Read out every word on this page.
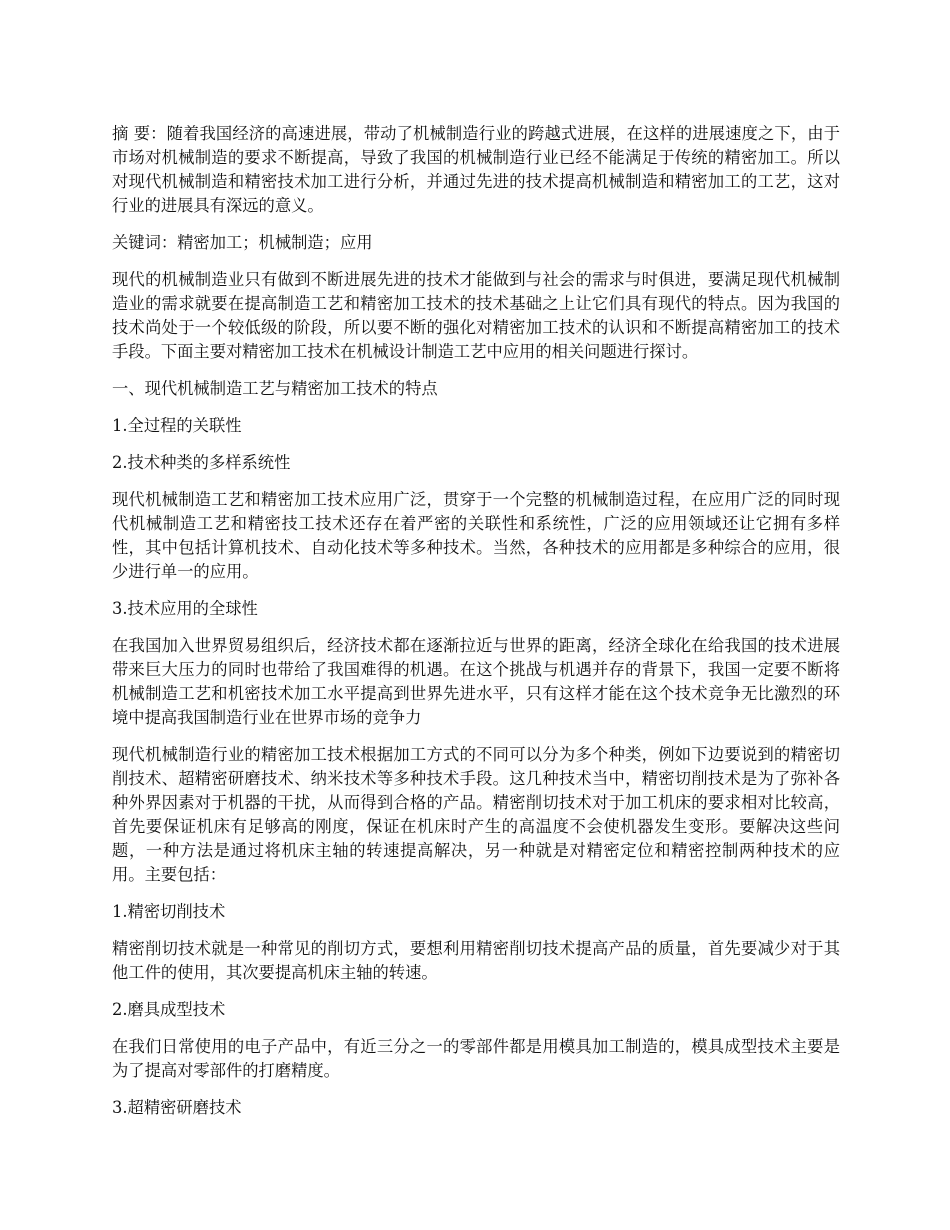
摘 要：随着我国经济的高速进展，带动了机械制造行业的跨越式进展，在这样的进展速度之下，由于市场对机械制造的要求不断提高，导致了我国的机械制造行业已经不能满足于传统的精密加工。所以对现代机械制造和精密技术加工进行分析，并通过先进的技术提高机械制造和精密加工的工艺，这对行业的进展具有深远的意义。

关键词：精密加工；机械制造；应用

现代的机械制造业只有做到不断进展先进的技术才能做到与社会的需求与时俱进，要满足现代机械制造业的需求就要在提高制造工艺和精密加工技术的技术基础之上让它们具有现代的特点。因为我国的技术尚处于一个较低级的阶段，所以要不断的强化对精密加工技术的认识和不断提高精密加工的技术手段。下面主要对精密加工技术在机械设计制造工艺中应用的相关问题进行探讨。

一、现代机械制造工艺与精密加工技术的特点

1.全过程的关联性

2.技术种类的多样系统性

现代机械制造工艺和精密加工技术应用广泛，贯穿于一个完整的机械制造过程，在应用广泛的同时现代机械制造工艺和精密技工技术还存在着严密的关联性和系统性，广泛的应用领域还让它拥有多样性，其中包括计算机技术、自动化技术等多种技术。当然，各种技术的应用都是多种综合的应用，很少进行单一的应用。

3.技术应用的全球性

在我国加入世界贸易组织后，经济技术都在逐渐拉近与世界的距离，经济全球化在给我国的技术进展带来巨大压力的同时也带给了我国难得的机遇。在这个挑战与机遇并存的背景下，我国一定要不断将机械制造工艺和机密技术加工水平提高到世界先进水平，只有这样才能在这个技术竞争无比激烈的环境中提高我国制造行业在世界市场的竞争力

现代机械制造行业的精密加工技术根据加工方式的不同可以分为多个种类，例如下边要说到的精密切削技术、超精密研磨技术、纳米技术等多种技术手段。这几种技术当中，精密切削技术是为了弥补各种外界因素对于机器的干扰，从而得到合格的产品。精密削切技术对于加工机床的要求相对比较高，首先要保证机床有足够高的刚度，保证在机床时产生的高温度不会使机器发生变形。要解决这些问题，一种方法是通过将机床主轴的转速提高解决，另一种就是对精密定位和精密控制两种技术的应用。主要包括：

1.精密切削技术

精密削切技术就是一种常见的削切方式，要想利用精密削切技术提高产品的质量，首先要减少对于其他工件的使用，其次要提高机床主轴的转速。

2.磨具成型技术

在我们日常使用的电子产品中，有近三分之一的零部件都是用模具加工制造的，模具成型技术主要是为了提高对零部件的打磨精度。

3.超精密研磨技术
